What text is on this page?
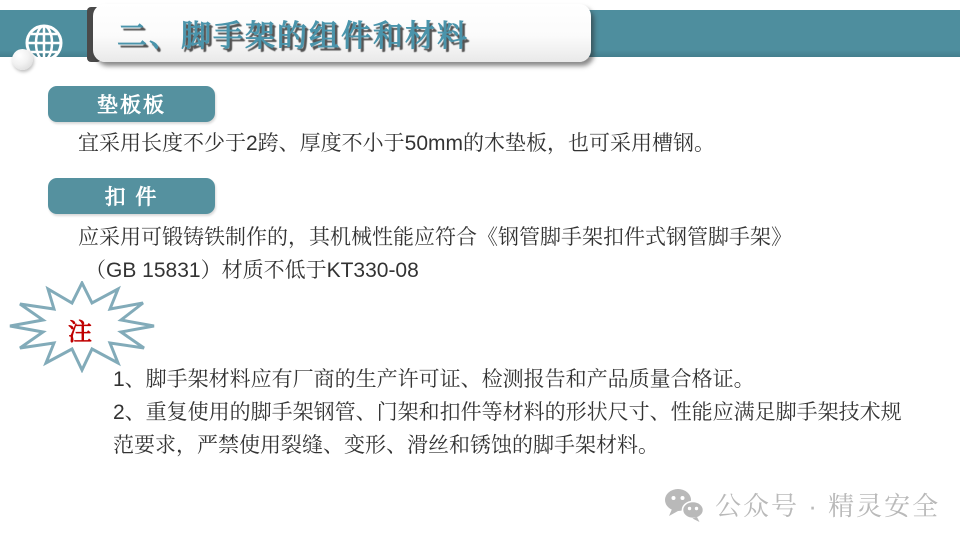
二、脚手架的组件和材料
垫板板

宜采用长度不少于2跨、厚度不小于50mm的木垫板，也可采用槽钢。

扣 件

应采用可锻铸铁制作的，其机械性能应符合《钢管脚手架扣件式钢管脚手架》

（GB 15831）材质不低于KT330-08

注

1、脚手架材料应有厂商的生产许可证、检测报告和产品质量合格证。

2、重复使用的脚手架钢管、门架和扣件等材料的形状尺寸、性能应满足脚手架技术规范要求，严禁使用裂缝、变形、滑丝和锈蚀的脚手架材料。

公众号 · 精灵安全
